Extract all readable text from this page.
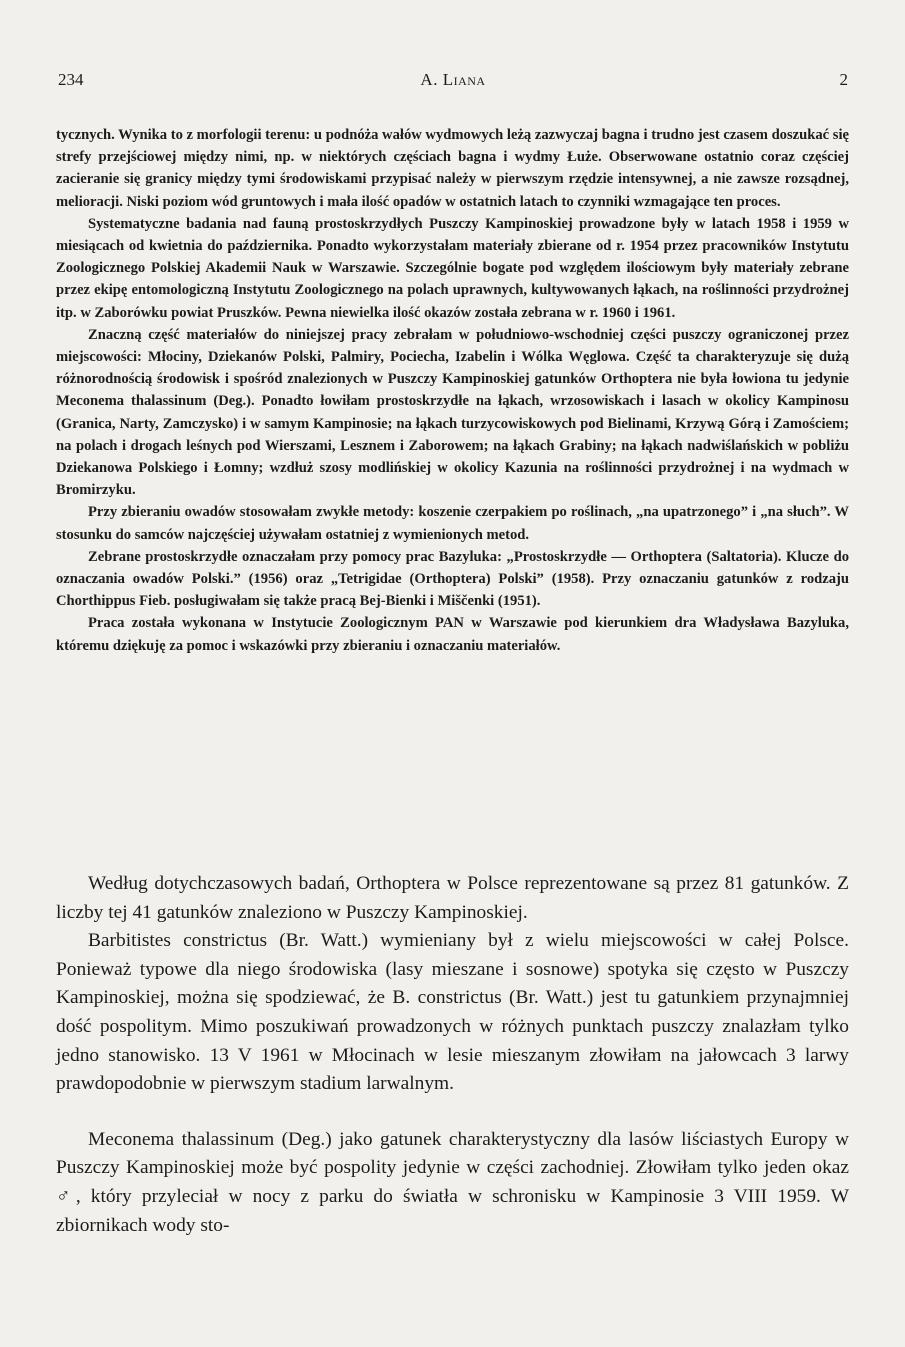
234	A. Liana	2

tycznych. Wynika to z morfologii terenu: u podnóża wałów wydmowych leżą zazwyczaj bagna i trudno jest czasem doszukać się strefy przejściowej między nimi, np. w niektórych częściach bagna i wydmy Łuże. Obserwowane ostatnio coraz częściej zacieranie się granicy między tymi środowiskami przypisać należy w pierwszym rzędzie intensywnej, a nie zawsze rozsądnej, melioracji. Niski poziom wód gruntowych i mała ilość opadów w ostatnich latach to czynniki wzmagające ten proces.

Systematyczne badania nad fauną prostoskrzydłych Puszczy Kampinoskiej prowadzone były w latach 1958 i 1959 w miesiącach od kwietnia do października. Ponadto wykorzystałam materiały zbierane od r. 1954 przez pracowników Instytutu Zoologicznego Polskiej Akademii Nauk w Warszawie. Szczególnie bogate pod względem ilościowym były materiały zebrane przez ekipę entomologiczną Instytutu Zoologicznego na polach uprawnych, kultywowanych łąkach, na roślinności przydrożnej itp. w Zaborówku powiat Pruszków. Pewna niewielka ilość okazów została zebrana w r. 1960 i 1961.

Znaczną część materiałów do niniejszej pracy zebrałam w południowo-wschodniej części puszczy ograniczonej przez miejscowości: Młociny, Dziekanów Polski, Palmiry, Pociecha, Izabelin i Wólka Węglowa. Część ta charakteryzuje się dużą różnorodnością środowisk i spośród znalezionych w Puszczy Kampinoskiej gatunków Orthoptera nie była łowiona tu jedynie Meconema thalassinum (Deg.). Ponadto łowiłam prostoskrzydłe na łąkach, wrzosowiskach i lasach w okolicy Kampinosu (Granica, Narty, Zamczysko) i w samym Kampinosie; na łąkach turzycowiskowych pod Bielinami, Krzywą Górą i Zamościem; na polach i drogach leśnych pod Wierszami, Lesznem i Zaborowem; na łąkach Grabiny; na łąkach nadwiślańskich w pobliżu Dziekanowa Polskiego i Łomny; wzdłuż szosy modlińskiej w okolicy Kazunia na roślinności przydrożnej i na wydmach w Bromirzyku.

Przy zbieraniu owadów stosowałam zwykłe metody: koszenie czerpakiem po roślinach, „na upatrzonego” i „na słuch”. W stosunku do samców najczęściej używałam ostatniej z wymienionych metod.

Zebrane prostoskrzydłe oznaczałam przy pomocy prac Bazyluka: „Prostoskrzydłe — Orthoptera (Saltatoria). Klucze do oznaczania owadów Polski.” (1956) oraz „Tetrigidae (Orthoptera) Polski” (1958). Przy oznaczaniu gatunków z rodzaju Chorthippus Fieb. posługiwałam się także pracą Bej-Bienki i Miščenki (1951).

Praca została wykonana w Instytucie Zoologicznym PAN w Warszawie pod kierunkiem dra Władysława Bazyluka, któremu dziękuję za pomoc i wskazówki przy zbieraniu i oznaczaniu materiałów.

Według dotychczasowych badań, Orthoptera w Polsce reprezentowane są przez 81 gatunków. Z liczby tej 41 gatunków znaleziono w Puszczy Kampinoskiej.

Barbitistes constrictus (Br. Watt.) wymieniany był z wielu miejscowości w całej Polsce. Ponieważ typowe dla niego środowiska (lasy mieszane i sosnowe) spotyka się często w Puszczy Kampinoskiej, można się spodziewać, że B. constrictus (Br. Watt.) jest tu gatunkiem przynajmniej dość pospolitym. Mimo poszukiwań prowadzonych w różnych punktach puszczy znalazłam tylko jedno stanowisko. 13 V 1961 w Młocinach w lesie mieszanym złowiłam na jałowcach 3 larwy prawdopodobnie w pierwszym stadium larwalnym.

Meconema thalassinum (Deg.) jako gatunek charakterystyczny dla lasów liściastych Europy w Puszczy Kampinoskiej może być pospolity jedynie w części zachodniej. Złowiłam tylko jeden okaz ♂, który przyleciał w nocy z parku do światła w schronisku w Kampinosie 3 VIII 1959. W zbiornikach wody sto-
